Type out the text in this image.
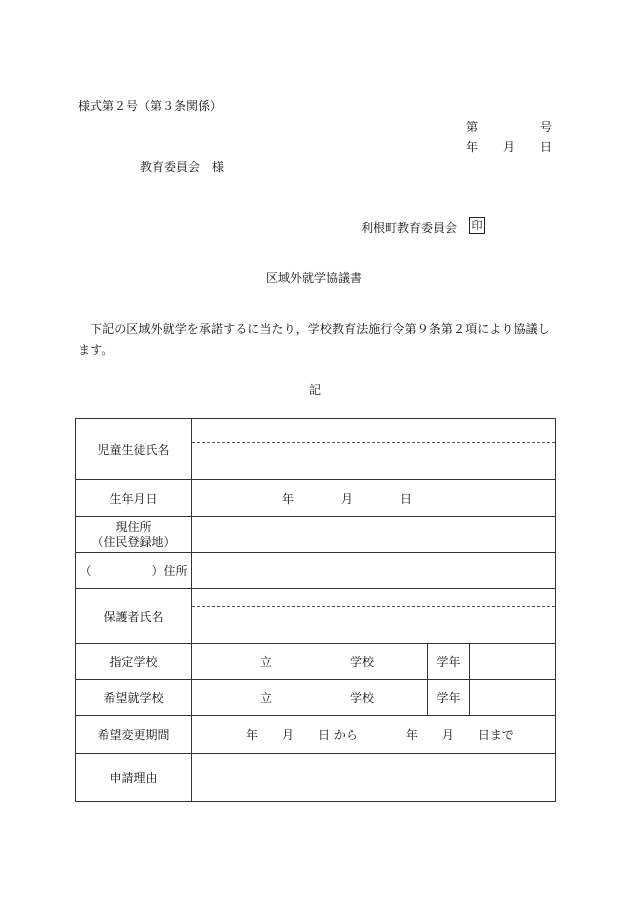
様式第２号（第３条関係）
第	号
年 月 日
教育委員会　様
利根町教育委員会 印
区域外就学協議書
下記の区域外就学を承諾するに当たり，学校教育法施行令第９条第２項により協議します。
記
児童生徒氏名			

生年月日	年 月 日		

現住所
（住民登録地）			

（　　　　　）住所			
保護者氏名			

指定学校	立 学校	学年	
希望就学校	立 学校	学年	
希望変更期間	年　　月　　日 から　　　　年　　月　　日まで		

申請理由			
